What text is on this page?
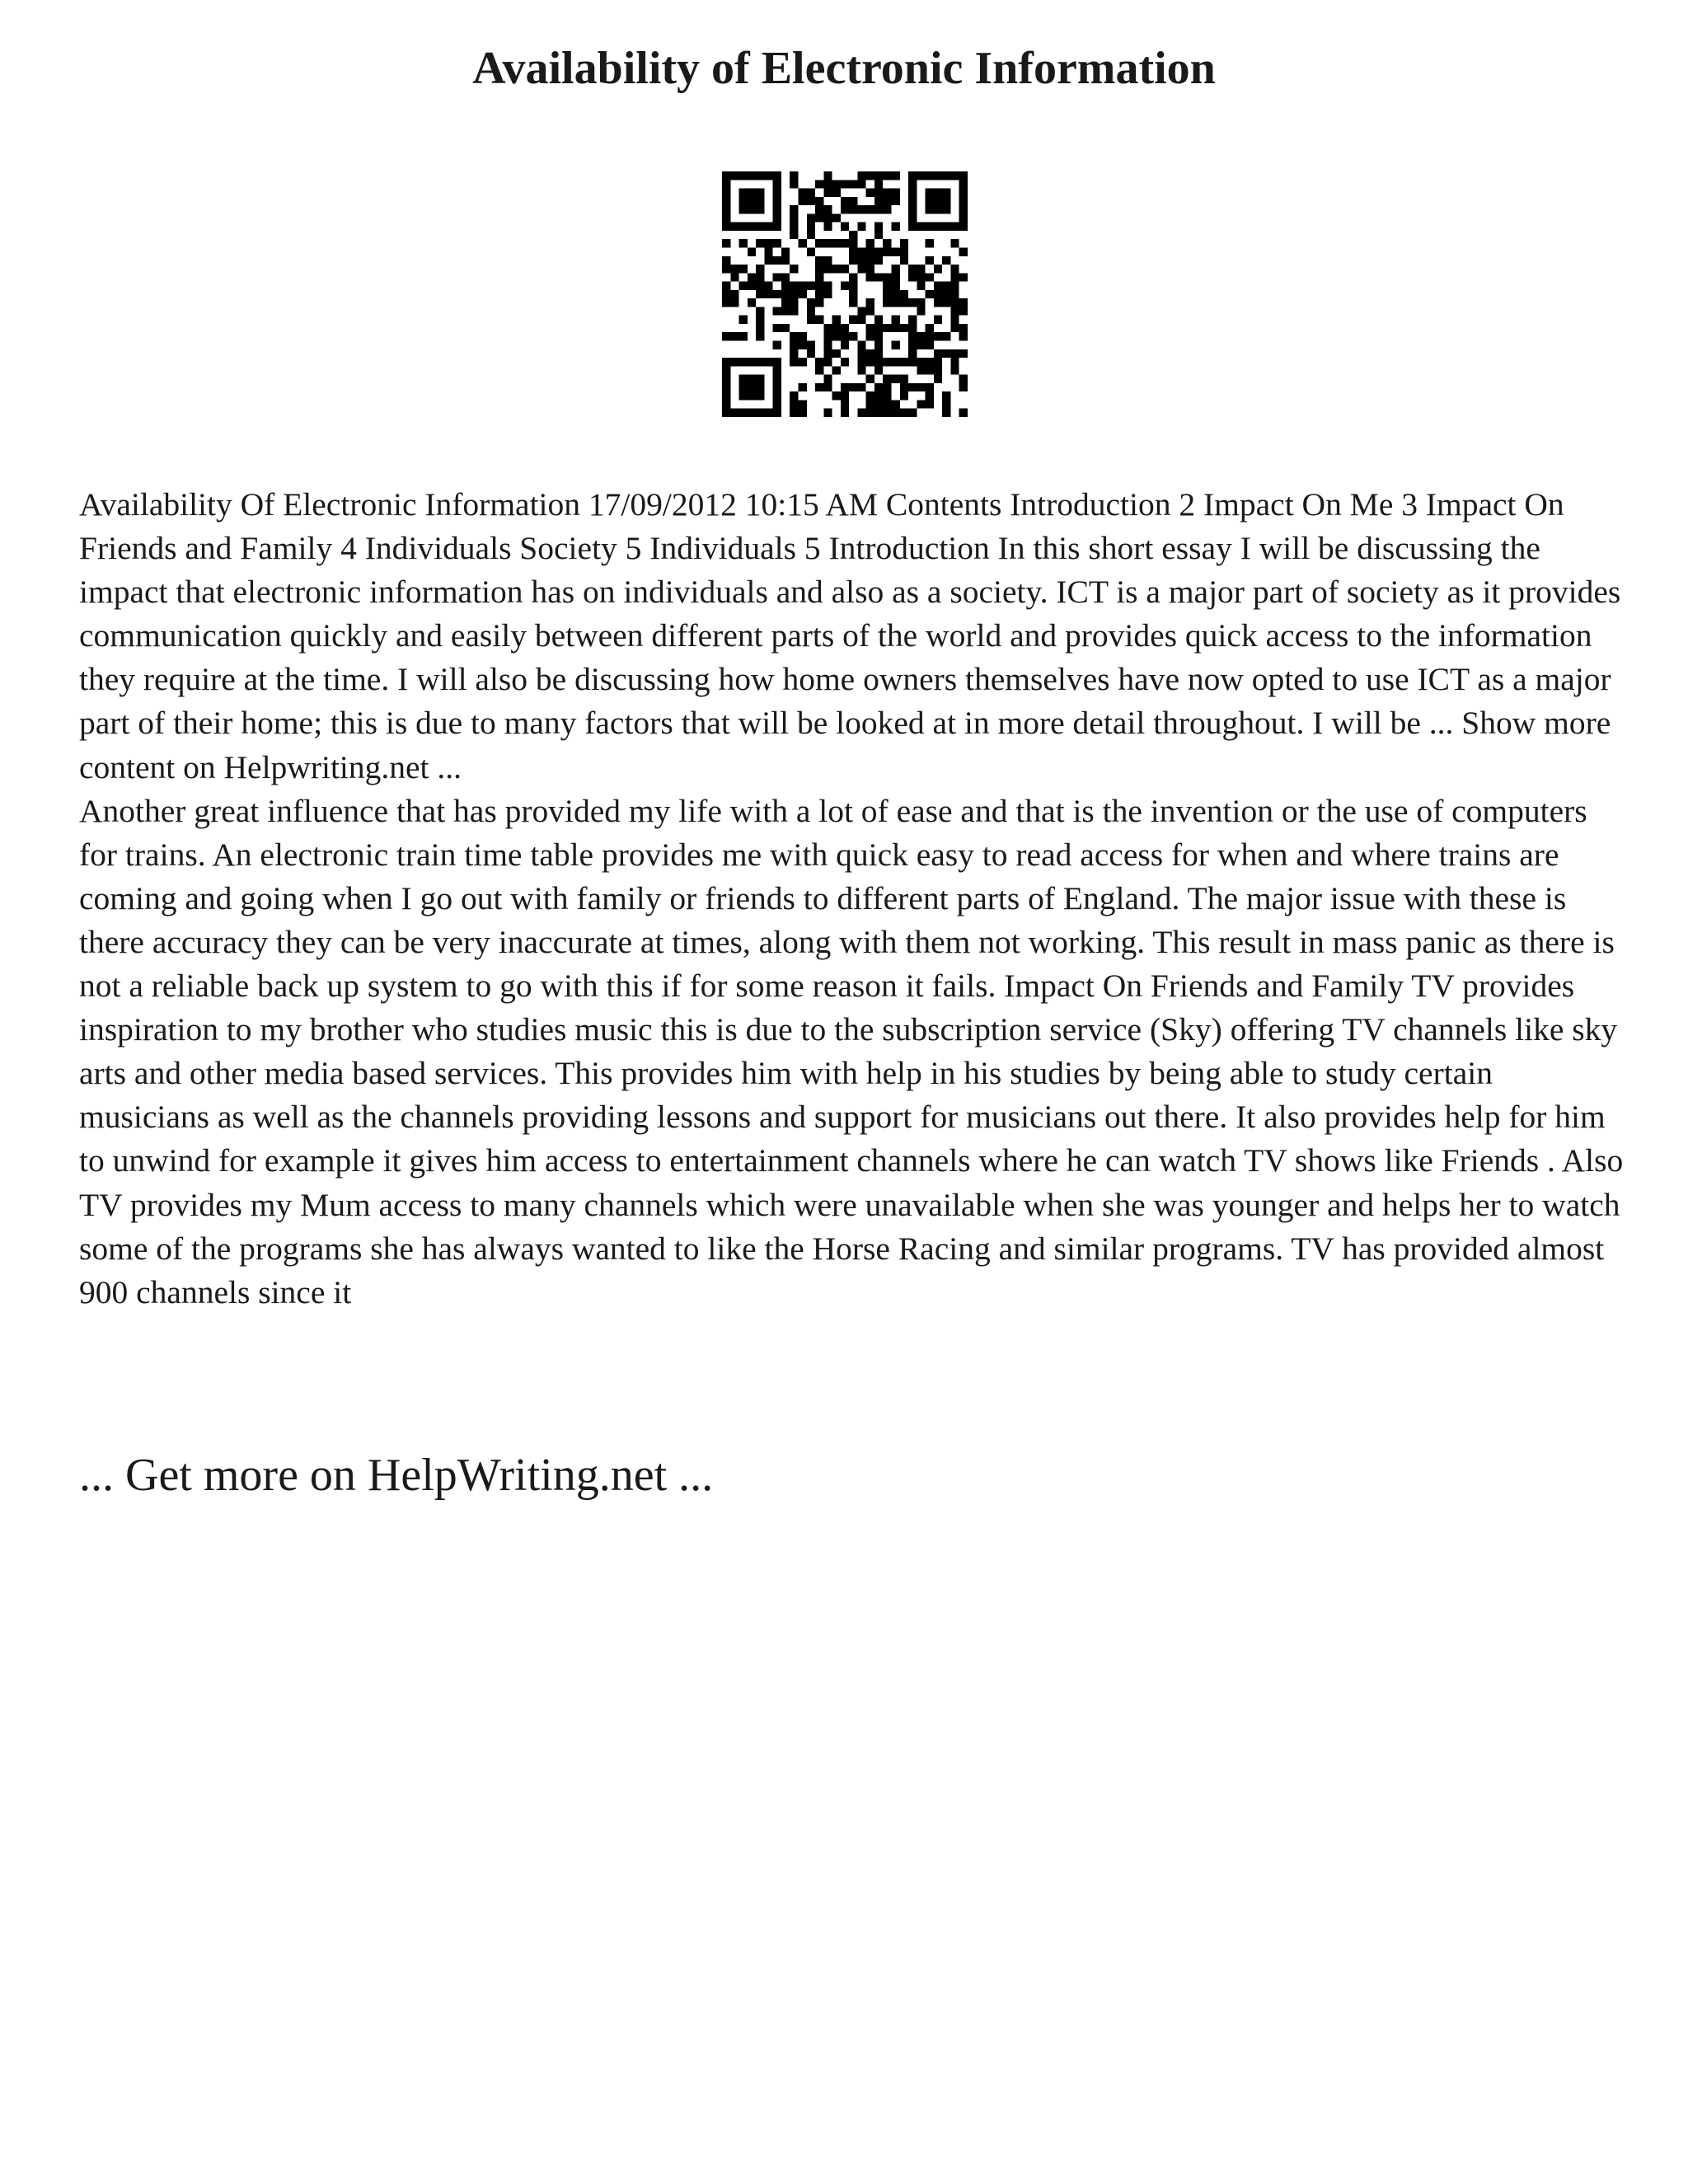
Availability of Electronic Information

Availability Of Electronic Information 17/09/2012 10:15 AM Contents Introduction 2 Impact On Me 3 Impact On Friends and Family 4 Individuals Society 5 Individuals 5 Introduction In this short essay I will be discussing the impact that electronic information has on individuals and also as a society. ICT is a major part of society as it provides communication quickly and easily between different parts of the world and provides quick access to the information they require at the time. I will also be discussing how home owners themselves have now opted to use ICT as a major part of their home; this is due to many factors that will be looked at in more detail throughout. I will be ... Show more content on Helpwriting.net ...

Another great influence that has provided my life with a lot of ease and that is the invention or the use of computers for trains. An electronic train time table provides me with quick easy to read access for when and where trains are coming and going when I go out with family or friends to different parts of England. The major issue with these is there accuracy they can be very inaccurate at times, along with them not working. This result in mass panic as there is not a reliable back up system to go with this if for some reason it fails. Impact On Friends and Family TV provides inspiration to my brother who studies music this is due to the subscription service (Sky) offering TV channels like sky arts and other media based services. This provides him with help in his studies by being able to study certain musicians as well as the channels providing lessons and support for musicians out there. It also provides help for him to unwind for example it gives him access to entertainment channels where he can watch TV shows like Friends . Also TV provides my Mum access to many channels which were unavailable when she was younger and helps her to watch some of the programs she has always wanted to like the Horse Racing and similar programs. TV has provided almost 900 channels since it

... Get more on HelpWriting.net ...
